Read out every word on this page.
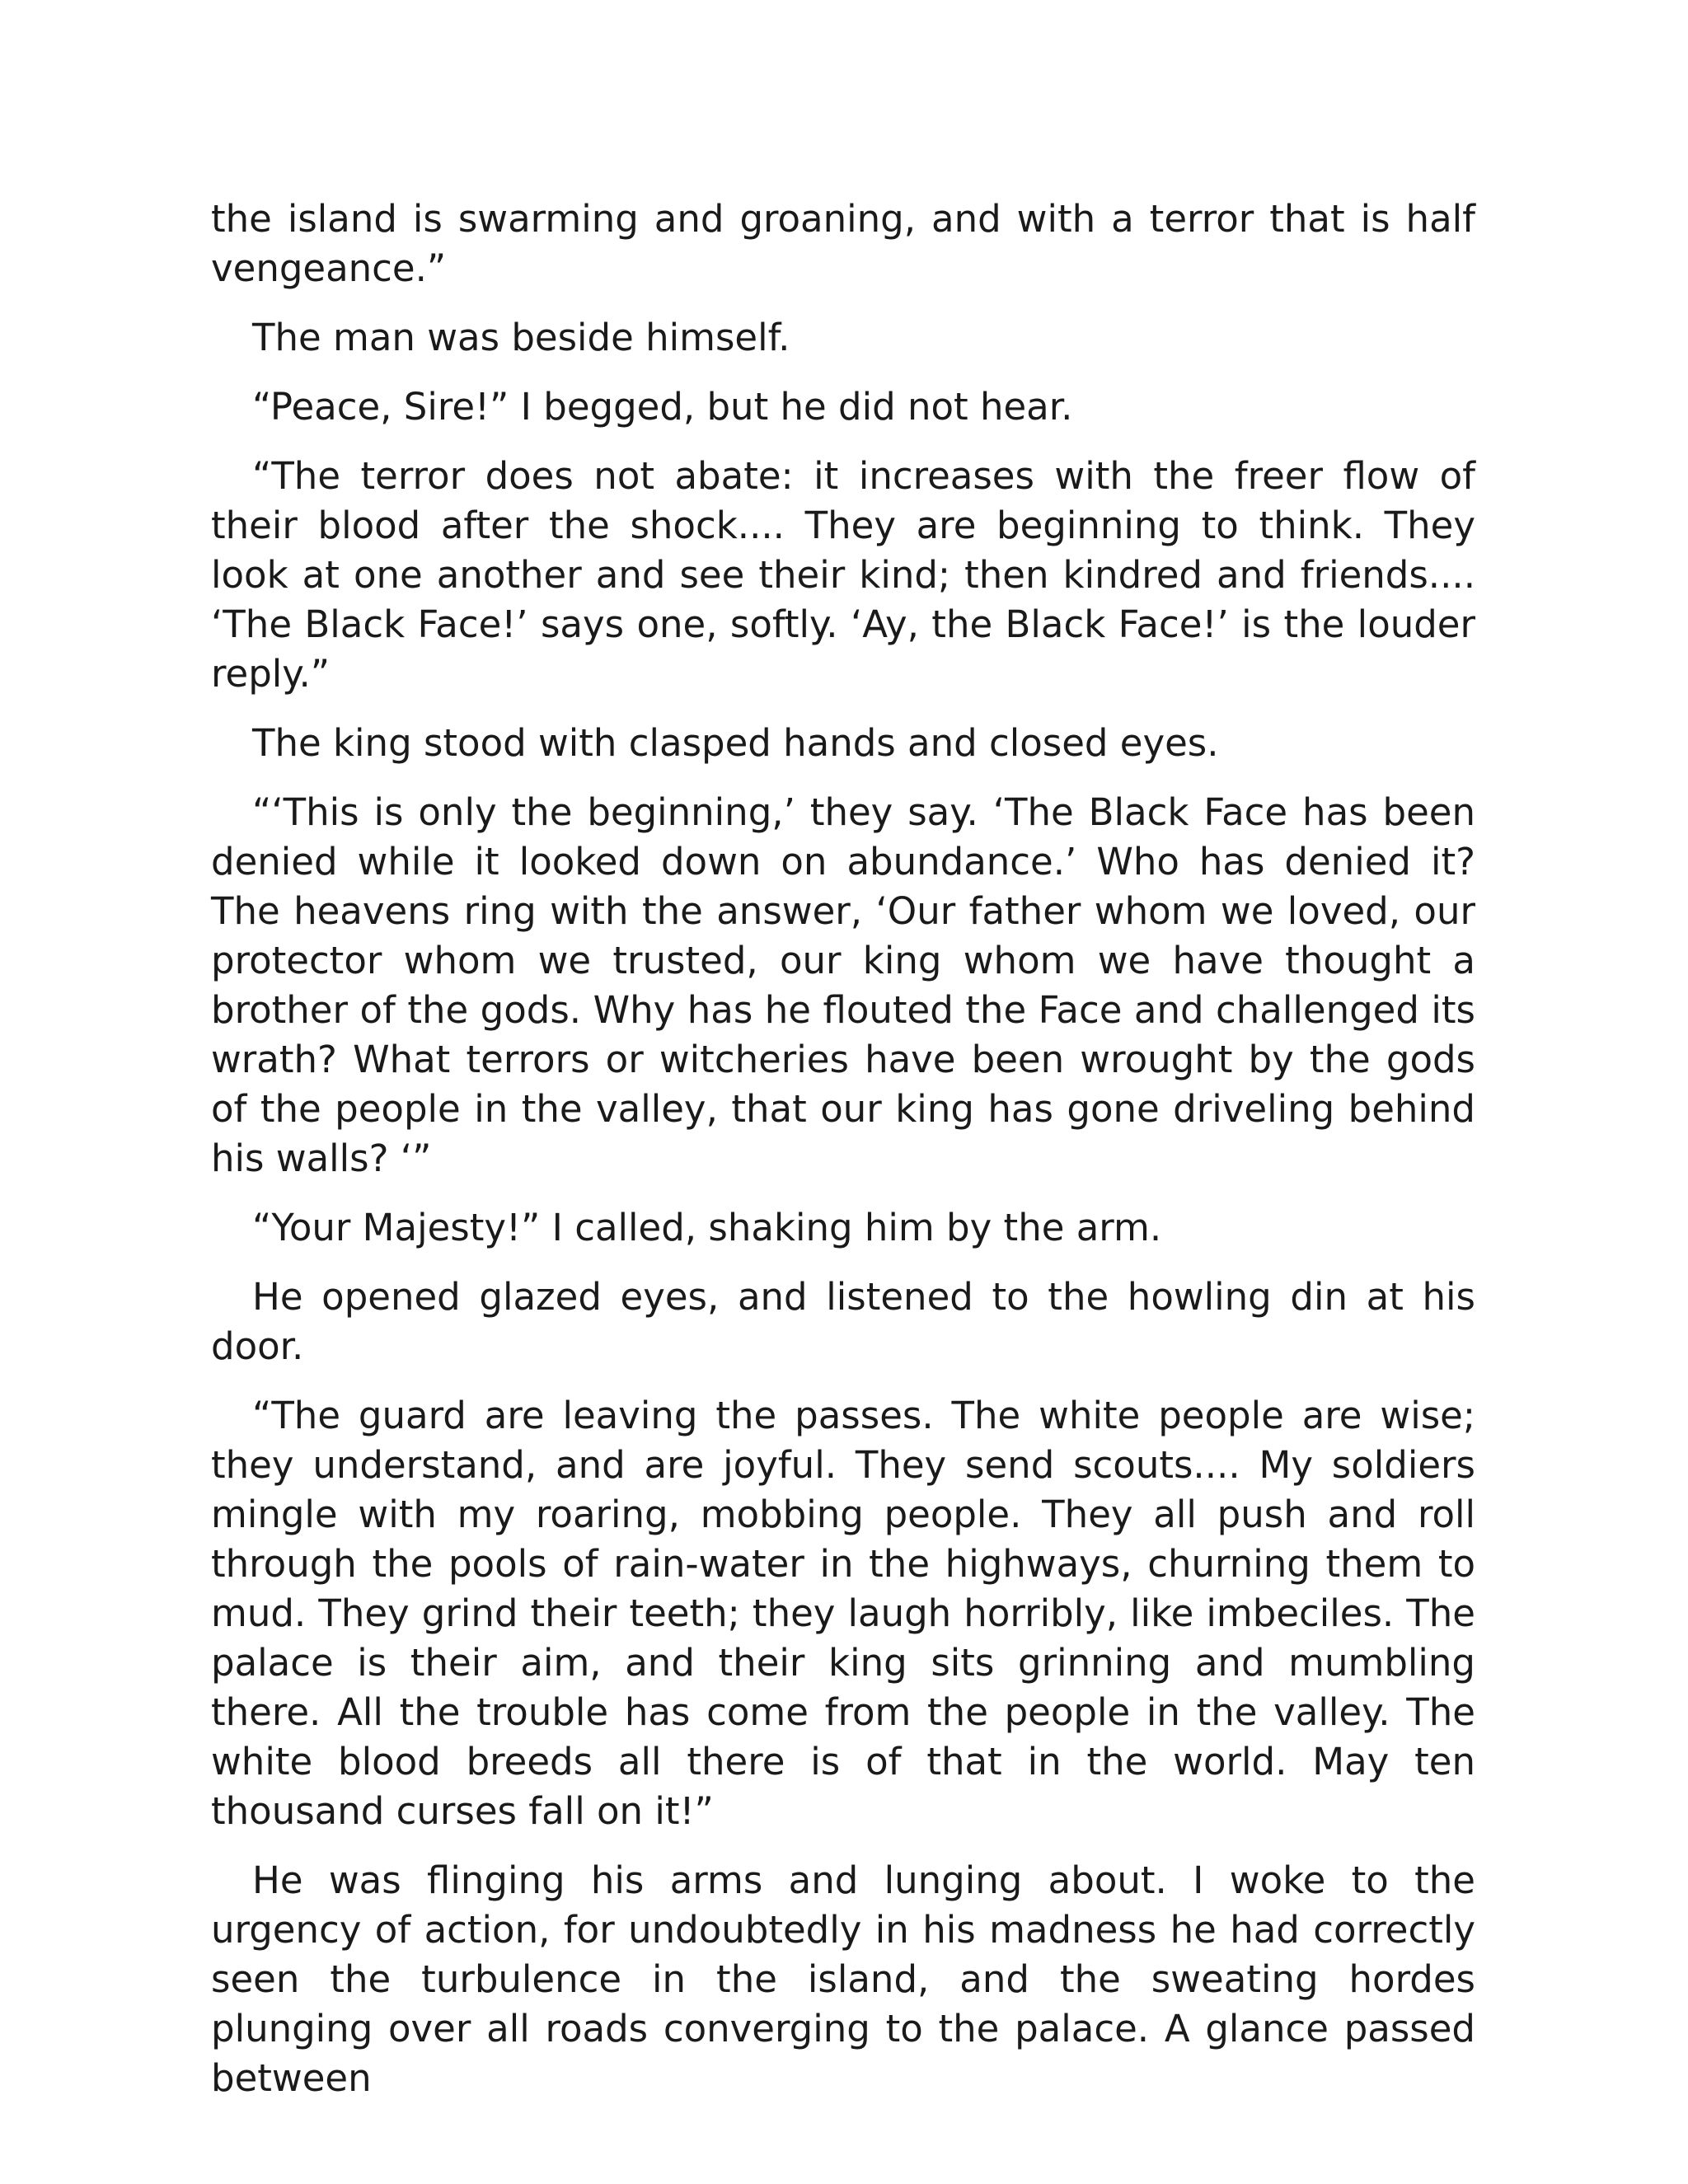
the island is swarming and groaning, and with a terror that is half vengeance.”

The man was beside himself.

“Peace, Sire!” I begged, but he did not hear.

“The terror does not abate: it increases with the freer flow of their blood after the shock.... They are beginning to think. They look at one another and see their kind; then kindred and friends.... ‘The Black Face!’ says one, softly. ‘Ay, the Black Face!’ is the louder reply.”

The king stood with clasped hands and closed eyes.

“‘This is only the beginning,’ they say. ‘The Black Face has been denied while it looked down on abundance.’ Who has denied it? The heavens ring with the answer, ‘Our father whom we loved, our protector whom we trusted, our king whom we have thought a brother of the gods. Why has he flouted the Face and challenged its wrath? What terrors or witcheries have been wrought by the gods of the people in the valley, that our king has gone driveling behind his walls? ‘”

“Your Majesty!” I called, shaking him by the arm.

He opened glazed eyes, and listened to the howling din at his door.

“The guard are leaving the passes. The white people are wise; they understand, and are joyful. They send scouts.... My soldiers mingle with my roaring, mobbing people. They all push and roll through the pools of rain-water in the highways, churning them to mud. They grind their teeth; they laugh horribly, like imbeciles. The palace is their aim, and their king sits grinning and mumbling there. All the trouble has come from the people in the valley. The white blood breeds all there is of that in the world. May ten thousand curses fall on it!”

He was flinging his arms and lunging about. I woke to the urgency of action, for undoubtedly in his madness he had correctly seen the turbulence in the island, and the sweating hordes plunging over all roads converging to the palace. A glance passed between
